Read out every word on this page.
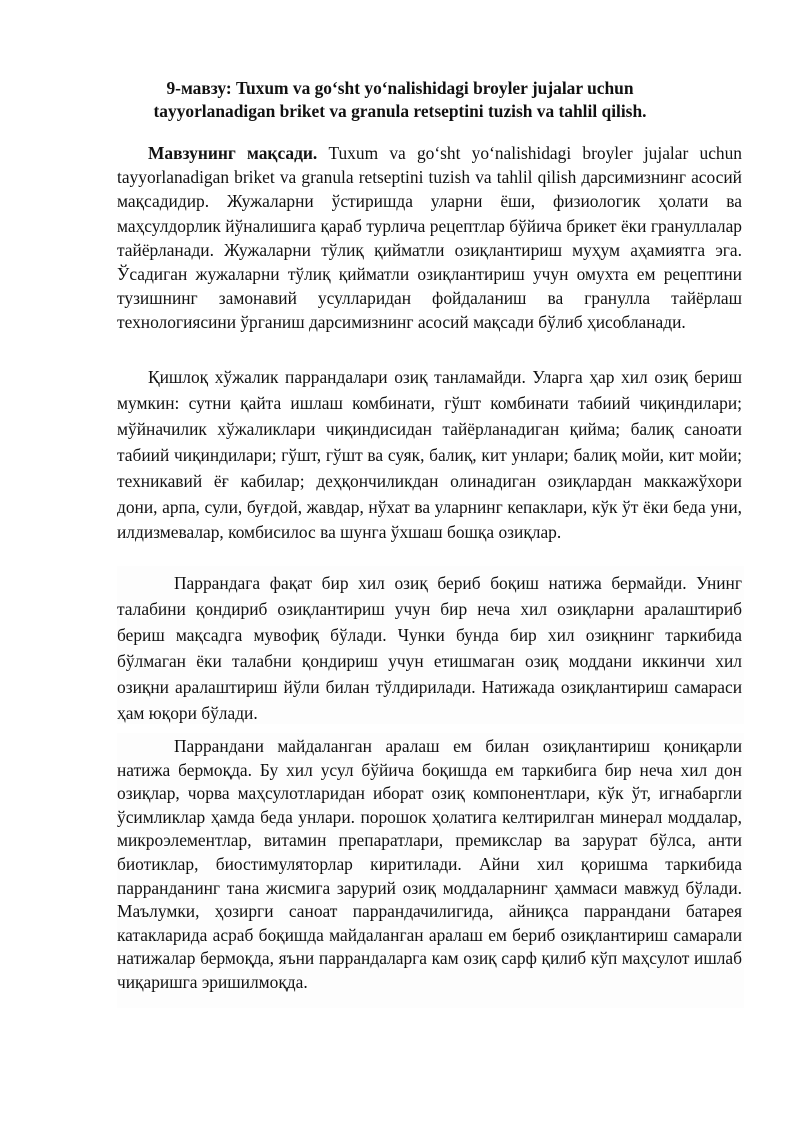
9-мавзу: Tuxum va go‘sht yo‘nalishidagi broyler jujalar uchun tayyorlanadigan briket va granula retseptini tuzish va tahlil qilish.

Мавзунинг мақсади. Tuxum va go‘sht yo‘nalishidagi broyler jujalar uchun tayyorlanadigan briket va granula retseptini tuzish va tahlil qilish дарсимизнинг асосий мақсадидир. Жужаларни ўстиришда уларни ёши, физиологик ҳолати ва маҳсулдорлик йўналишига қараб турлича рецептлар бўйича брикет ёки грануллалар тайёрланади. Жужаларни тўлиқ қийматли озиқлантириш муҳум аҳамиятга эга. Ўсадиган жужаларни тўлиқ қийматли озиқлантириш учун омухта ем рецептини тузишнинг замонавий усулларидан фойдаланиш ва гранулла тайёрлаш технологиясини ўрганиш дарсимизнинг асосий мақсади бўлиб ҳисобланади.

Қишлоқ хўжалик паррандалари озиқ танламайди. Уларга ҳар хил озиқ бериш мумкин: сутни қайта ишлаш комбинати, гўшт комбинати табиий чиқиндилари; мўйначилик хўжаликлари чиқиндисидан тайёрланадиган қийма; балиқ саноати табиий чиқиндилари; гўшт, гўшт ва суяк, балиқ, кит унлари; балиқ мойи, кит мойи; техникавий ёғ кабилар; деҳқончиликдан олинадиган озиқлардан маккажўхори дони, арпа, сули, буғдой, жавдар, нўхат ва уларнинг кепаклари, кўк ўт ёки беда уни, илдизмевалар, комбисилос ва шунга ўхшаш бошқа озиқлар.

Паррандага фақат бир хил озиқ бериб боқиш натижа бермайди. Унинг талабини қондириб озиқлантириш учун бир неча хил озиқларни аралаштириб бериш мақсадга мувофиқ бўлади. Чунки бунда бир хил озиқнинг таркибида бўлмаган ёки талабни қондириш учун етишмаган озиқ моддани иккинчи хил озиқни аралаштириш йўли билан тўлдирилади. Натижада озиқлантириш самараси ҳам юқори бўлади.

Паррандани майдаланган аралаш ем билан озиқлантириш қониқарли натижа бермоқда. Бу хил усул бўйича боқишда ем таркибига бир неча хил дон озиқлар, чорва маҳсулотларидан иборат озиқ компонентлари, кўк ўт, игнабаргли ўсимликлар ҳамда беда унлари. порошок ҳолатига келтирилган минерал моддалар, микроэлементлар, витамин препаратлари, премикслар ва зарурат бўлса, анти биотиклар, биостимуляторлар киритилади. Айни хил қоришма таркибида парранданинг тана жисмига зарурий озиқ моддаларнинг ҳаммаси мавжуд бўлади. Маълумки, ҳозирги саноат паррандачилигида, айниқса паррандани батарея катакларида асраб боқишда майдаланган аралаш ем бериб озиқлантириш самарали натижалар бермоқда, яъни паррандаларга кам озиқ сарф қилиб кўп маҳсулот ишлаб чиқаришга эришилмоқда.
